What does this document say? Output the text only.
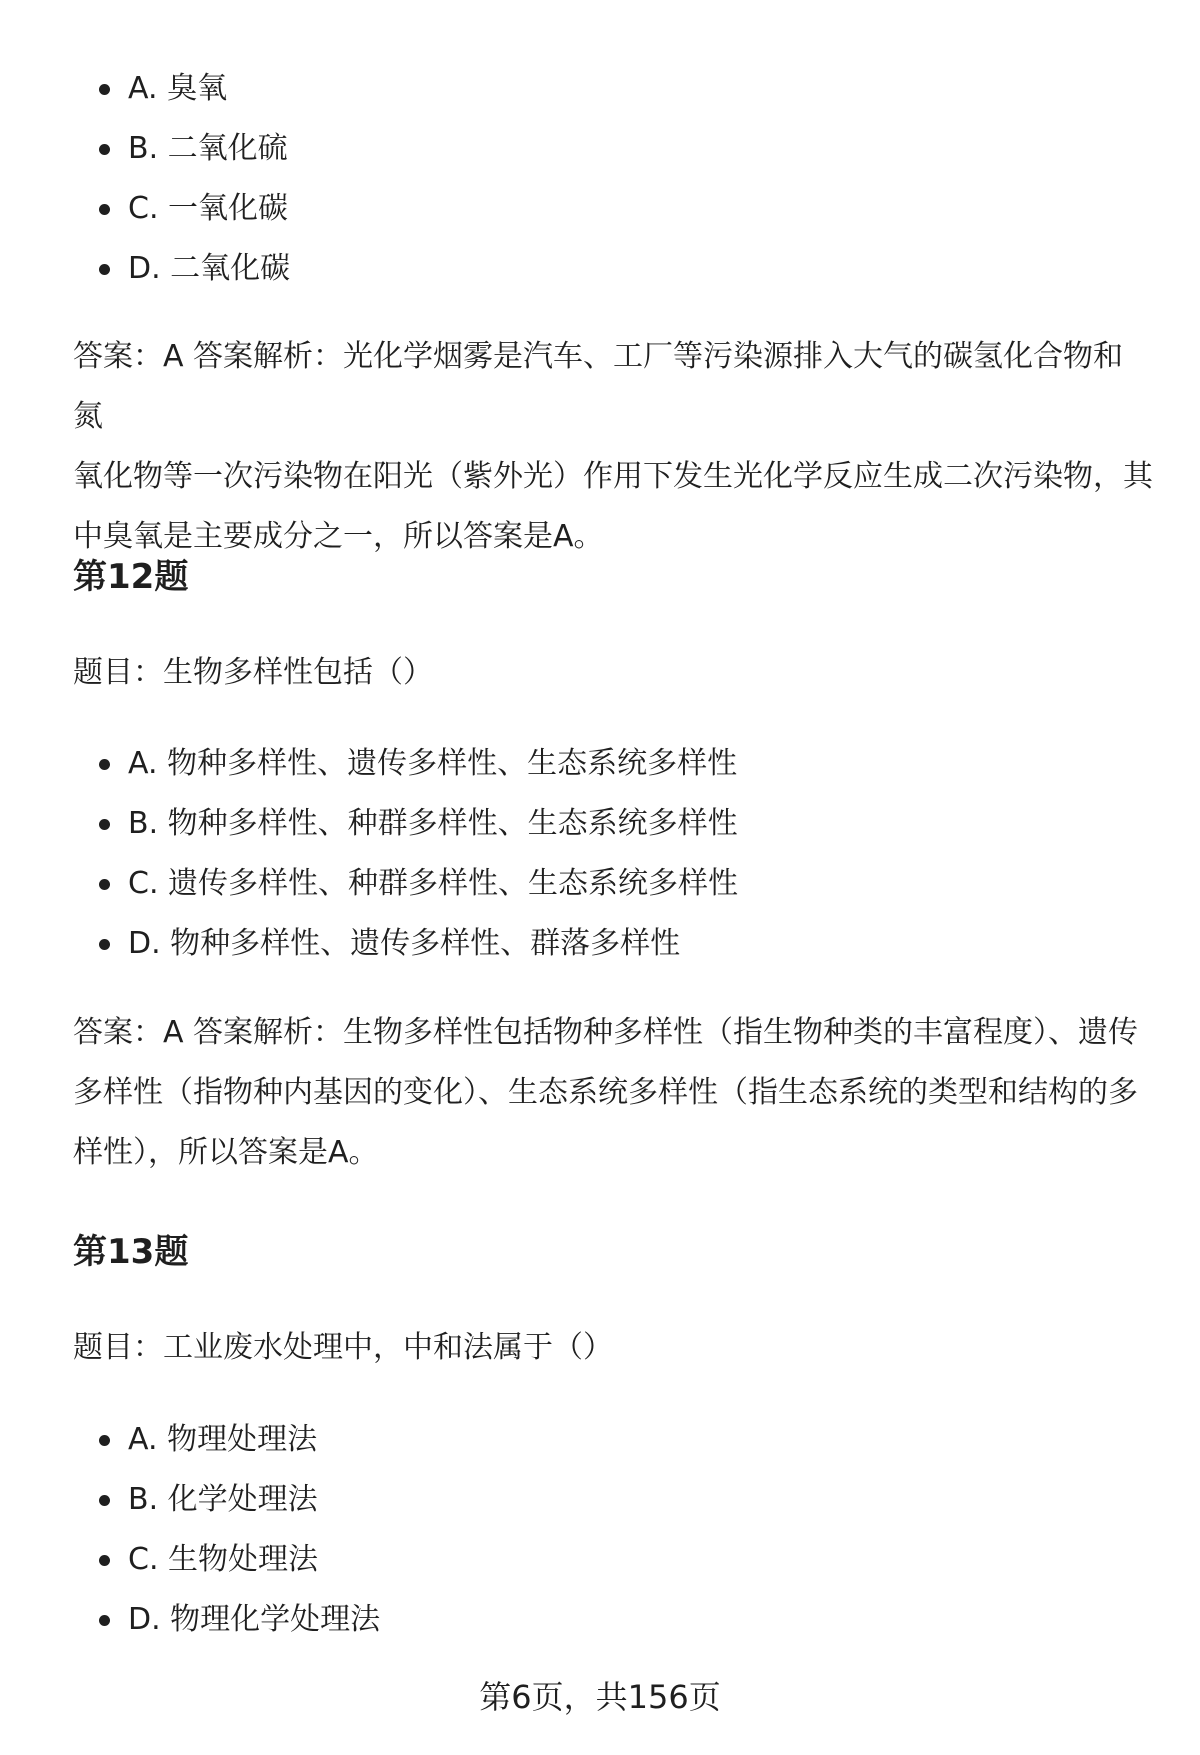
A. 臭氧
B. 二氧化硫
C. 一氧化碳
D. 二氧化碳

答案：A 答案解析：光化学烟雾是汽车、工厂等污染源排入大气的碳氢化合物和氮

氧化物等一次污染物在阳光（紫外光）作用下发生光化学反应生成二次污染物，其

中臭氧是主要成分之一，所以答案是A。

第12题

题目：生物多样性包括（）

A. 物种多样性、遗传多样性、生态系统多样性
B. 物种多样性、种群多样性、生态系统多样性
C. 遗传多样性、种群多样性、生态系统多样性
D. 物种多样性、遗传多样性、群落多样性

答案：A 答案解析：生物多样性包括物种多样性（指生物种类的丰富程度）、遗传

多样性（指物种内基因的变化）、生态系统多样性（指生态系统的类型和结构的多

样性），所以答案是A。

第13题

题目：工业废水处理中，中和法属于（）

A. 物理处理法
B. 化学处理法
C. 生物处理法
D. 物理化学处理法
第6页，共156页
